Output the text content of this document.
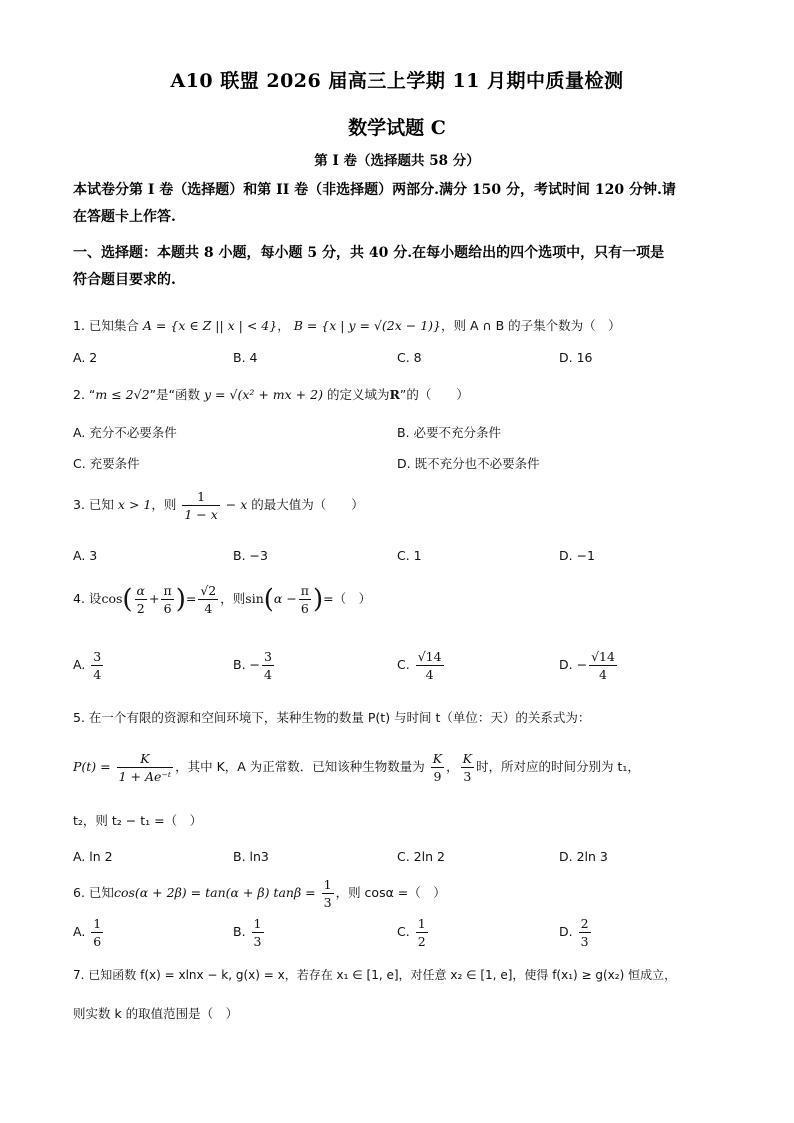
A10 联盟 2026 届高三上学期 11 月期中质量检测
数学试题 C
第 I 卷（选择题共 58 分）
本试卷分第 I 卷（选择题）和第 II 卷（非选择题）两部分.满分 150 分，考试时间 120 分钟.请
在答题卡上作答.
一、选择题：本题共 8 小题，每小题 5 分，共 40 分.在每小题给出的四个选项中，只有一项是
符合题目要求的.
1. 已知集合 A = {x ∈ Z || x | < 4}， B = {x | y = √(2x − 1)}，则 A ∩ B 的子集个数为（　）
A. 2	B. 4	C. 8	D. 16
2. “m ≤ 2√2”是“函数 y = √(x² + mx + 2) 的定义域为R”的（　　）
A. 充分不必要条件	B. 必要不充分条件
C. 充要条件	D. 既不充分也不必要条件
3. 已知 x > 1，则 $\frac{1}{1 - x} - x$ 的最大值为（　　）
A. 3	B. −3	C. 1	D. −1
4. 设$\cos( \frac{\alpha}{2} + \frac{\pi}{6}$ )= $\frac{√2}{4}$ ，则$\sin(\alpha - \frac{\pi}{6}$ )=（　）
A. $\frac{3}{4}$	B. − $\frac{3}{4}$	C. $\frac{√14}{4}$	D. − $\frac{√14}{4}$
5. 在一个有限的资源和空间环境下，某种生物的数量 P(t) 与时间 t（单位：天）的关系式为：
$P(t) = \frac{K}{\text{1 + Ae⁻ᵗ}}$ ，其中 K，A 为正常数．已知该种生物数量为 $\frac{K}{9}$ ， $\frac{K}{3}$ 时，所对应的时间分别为 t₁，
t₂，则 t₂ − t₁ =（　）
A. ln 2	B. ln3	C. 2ln 2	D. 2ln 3
6. 已知cos(α + 2β) = tan(α + β) $\tan\beta = \frac{1}{3}$ ，则 cosα =（　）
A. $\frac{1}{6}$	B. $\frac{1}{3}$	C. $\frac{1}{2}$	D. $\frac{2}{3}$
7. 已知函数 f(x) = xlnx − k, g(x) = x，若存在 x₁ ∈ [1, e]，对任意 x₂ ∈ [1, e]，使得 f(x₁) ≥ g(x₂) 恒成立，
则实数 k 的取值范围是（　）
